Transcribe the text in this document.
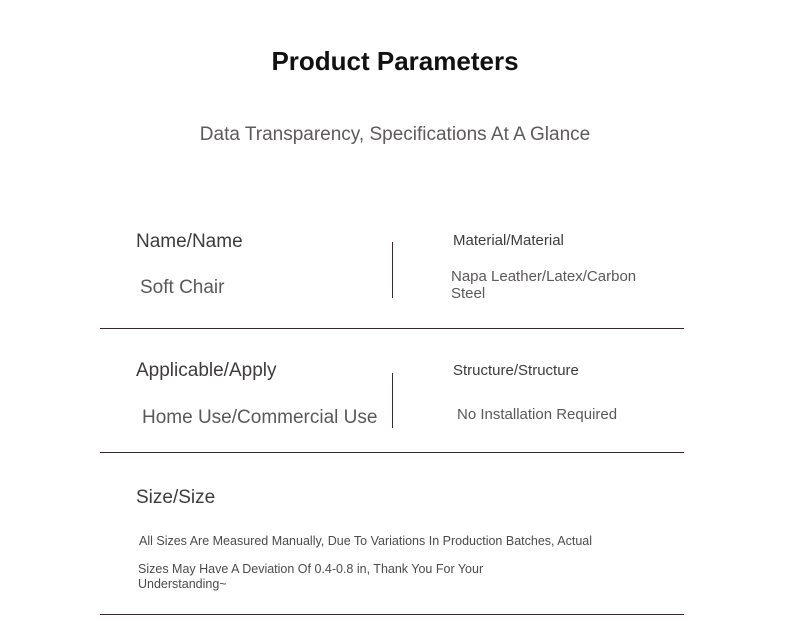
Product Parameters
Data Transparency, Specifications At A Glance
Name/Name
Soft Chair
Material/Material
Napa Leather/Latex/Carbon Steel
Applicable/Apply
Home Use/Commercial Use
Structure/Structure
No Installation Required
Size/Size
All Sizes Are Measured Manually, Due To Variations In Production Batches, Actual
Sizes May Have A Deviation Of 0.4-0.8 in, Thank You For Your Understanding~
